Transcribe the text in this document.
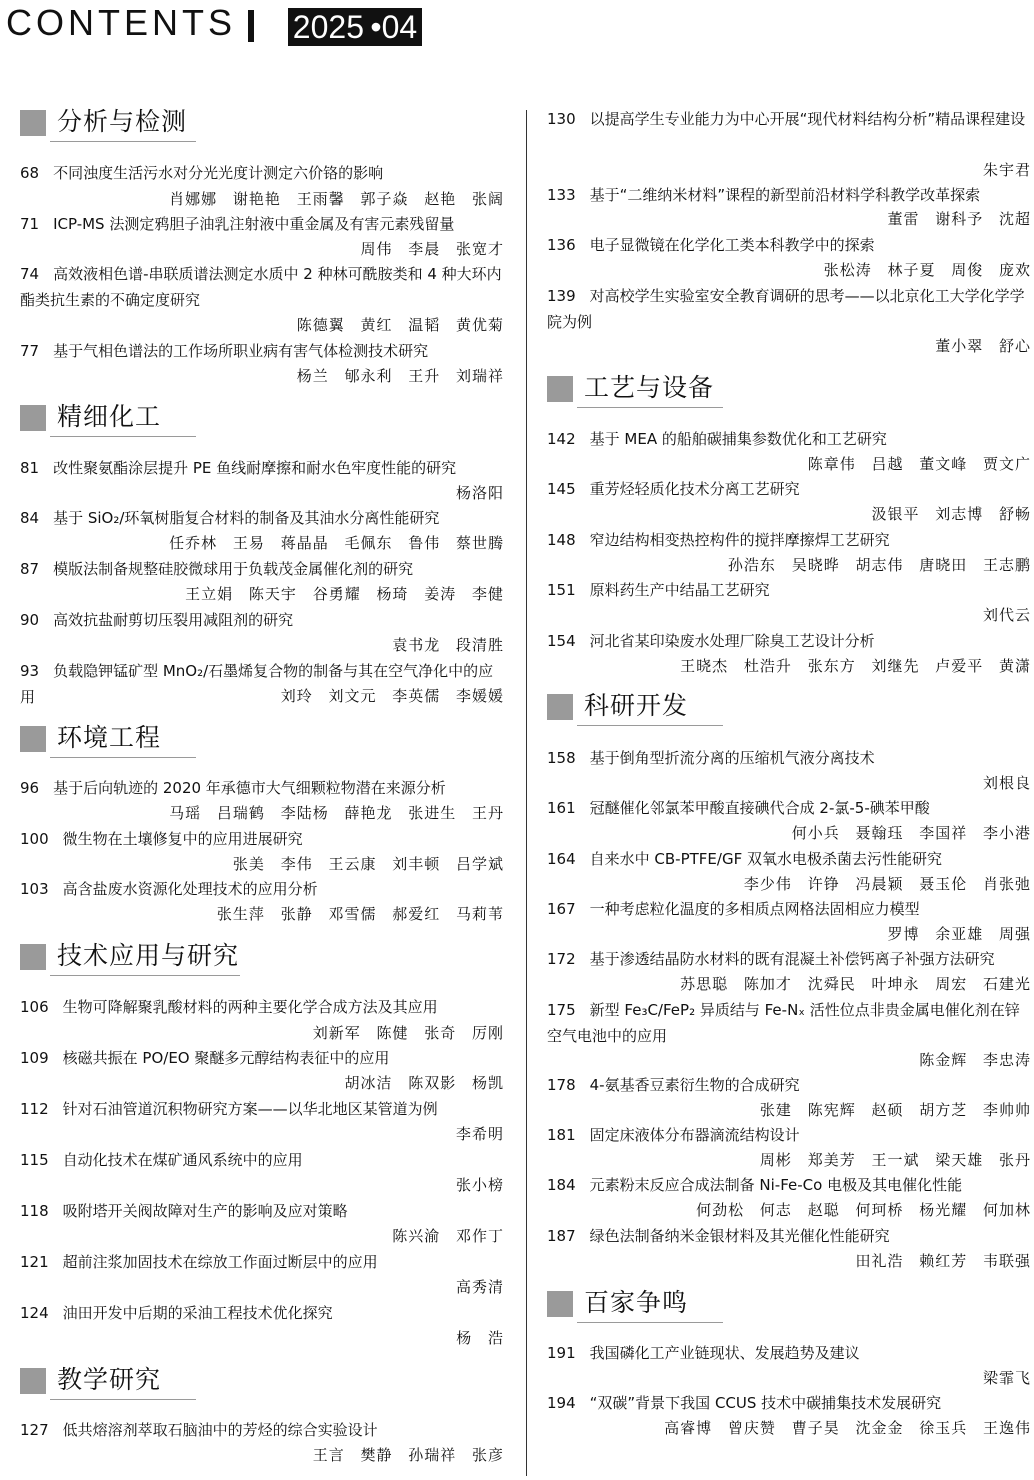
CONTENTS 2025 •04
分析与检测
68 不同浊度生活污水对分光光度计测定六价铬的影响
肖娜娜 谢艳艳 王雨馨 郭子焱 赵艳 张阔
71 ICP-MS 法测定鸦胆子油乳注射液中重金属及有害元素残留量
周伟 李晨 张宽才
74 高效液相色谱-串联质谱法测定水质中 2 种林可酰胺类和 4 种大环内酯类抗生素的不确定度研究
陈德翼 黄红 温韬 黄优菊
77 基于气相色谱法的工作场所职业病有害气体检测技术研究
杨兰 郇永利 王升 刘瑞祥
精细化工
81 改性聚氨酯涂层提升 PE 鱼线耐摩擦和耐水色牢度性能的研究
杨洛阳
84 基于 SiO₂/环氧树脂复合材料的制备及其油水分离性能研究
任乔林 王易 蒋晶晶 毛佩东 鲁伟 蔡世腾
87 模版法制备规整硅胶微球用于负载茂金属催化剂的研究
王立娟 陈天宇 谷勇耀 杨琦 姜涛 李健
90 高效抗盐耐剪切压裂用减阻剂的研究
袁书龙 段清胜
93 负载隐钾锰矿型 MnO₂/石墨烯复合物的制备与其在空气净化中的应用	刘玲 刘文元 李英儒 李媛媛
环境工程
96 基于后向轨迹的 2020 年承德市大气细颗粒物潜在来源分析
马瑶 吕瑞鹤 李陆杨 薛艳龙 张进生 王丹
100 微生物在土壤修复中的应用进展研究
张美 李伟 王云康 刘丰顿 吕学斌
103 高含盐废水资源化处理技术的应用分析
张生萍 张静 邓雪儒 郝爱红 马莉苇
技术应用与研究
106 生物可降解聚乳酸材料的两种主要化学合成方法及其应用
刘新军 陈健 张奇 厉刚
109 核磁共振在 PO/EO 聚醚多元醇结构表征中的应用
胡冰洁 陈双影 杨凯
112 针对石油管道沉积物研究方案——以华北地区某管道为例
李希明
115 自动化技术在煤矿通风系统中的应用
张小榜
118 吸附塔开关阀故障对生产的影响及应对策略
陈兴渝 邓作丁
121 超前注浆加固技术在综放工作面过断层中的应用
高秀清
124 油田开发中后期的采油工程技术优化探究
杨 浩
教学研究
127 低共熔溶剂萃取石脑油中的芳烃的综合实验设计
王言 樊静 孙瑞祥 张彦
130 以提高学生专业能力为中心开展“现代材料结构分析”精品课程建设
朱宇君
133 基于“二维纳米材料”课程的新型前沿材料学科教学改革探索
董雷 谢科予 沈超
136 电子显微镜在化学化工类本科教学中的探索
张松涛 林子夏 周俊 庞欢
139 对高校学生实验室安全教育调研的思考——以北京化工大学化学学院为例
董小翠 舒心
工艺与设备
142 基于 MEA 的船舶碳捕集参数优化和工艺研究
陈章伟 吕越 董文峰 贾文广
145 重芳烃轻质化技术分离工艺研究
汲银平 刘志博 舒畅
148 窄边结构相变热控构件的搅拌摩擦焊工艺研究
孙浩东 吴晓晔 胡志伟 唐晓田 王志鹏
151 原料药生产中结晶工艺研究
刘代云
154 河北省某印染废水处理厂除臭工艺设计分析
王晓杰 杜浩升 张东方 刘继先 卢爱平 黄潇
科研开发
158 基于倒角型折流分离的压缩机气液分离技术
刘根良
161 冠醚催化邻氯苯甲酸直接碘代合成 2-氯-5-碘苯甲酸
何小兵 聂翰珏 李国祥 李小港
164 自来水中 CB-PTFE/GF 双氧水电极杀菌去污性能研究
李少伟 许铮 冯晨颖 聂玉伦 肖张弛
167 一种考虑粒化温度的多相质点网格法固相应力模型
罗博 余亚雄 周强
172 基于渗透结晶防水材料的既有混凝土补偿钙离子补强方法研究
苏思聪 陈加才 沈舜民 叶坤永 周宏 石建光
175 新型 Fe₃C/FeP₂ 异质结与 Fe-Nₓ 活性位点非贵金属电催化剂在锌空气电池中的应用
陈金辉 李忠涛
178 4-氨基香豆素衍生物的合成研究
张建 陈宪辉 赵硕 胡方芝 李帅帅
181 固定床液体分布器滴流结构设计
周彬 郑美芳 王一斌 梁天雄 张丹
184 元素粉末反应合成法制备 Ni-Fe-Co 电极及其电催化性能
何劲松 何志 赵聪 何珂桥 杨光耀 何加林
187 绿色法制备纳米金银材料及其光催化性能研究
田礼浩 赖红芳 韦联强
百家争鸣
191 我国磷化工产业链现状、发展趋势及建议
梁霏飞
194 “双碳”背景下我国 CCUS 技术中碳捕集技术发展研究
高睿博 曾庆赞 曹子昊 沈金金 徐玉兵 王逸伟
